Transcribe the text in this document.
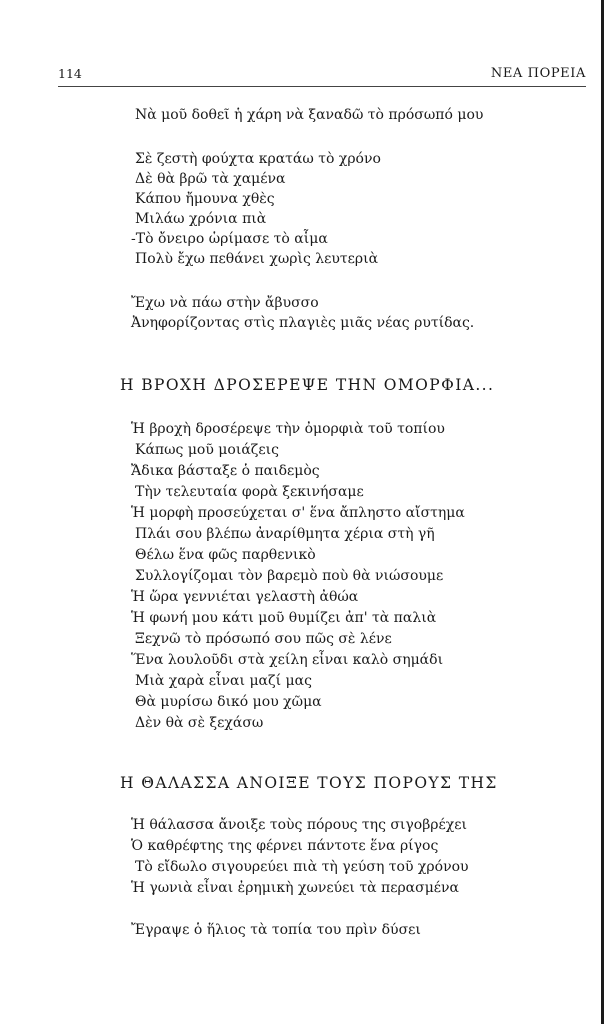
114	ΝΕΑ ΠΟΡΕΙΑ
Νὰ μοῦ δοθεῖ ἡ χάρη νὰ ξαναδῶ τὸ πρόσωπό μου
Σὲ ζεστὴ φούχτα κρατάω τὸ χρόνο
Δὲ θὰ βρῶ τὰ χαμένα
Κάπου ἤμουνα χθὲς
Μιλάω χρόνια πιὰ
-Τὸ ὄνειρο ὡρίμασε τὸ αἷμα
Πολὺ ἔχω πεθάνει χωρὶς λευτεριὰ
Ἔχω νὰ πάω στὴν ἄβυσσο
Ἀνηφορίζοντας στὶς πλαγιὲς μιᾶς νέας ρυτίδας.
Η ΒΡΟΧΗ ΔΡΟΣΕΡΕΨΕ ΤΗΝ ΟΜΟΡΦΙΑ...
Ἡ βροχὴ δροσέρεψε τὴν ὀμορφιὰ τοῦ τοπίου
Κάπως μοῦ μοιάζεις
Ἄδικα βάσταξε ὁ παιδεμὸς
Τὴν τελευταία φορὰ ξεκινήσαμε
Ἡ μορφὴ προσεύχεται σ' ἕνα ἄπληστο αἴστημα
Πλάι σου βλέπω ἀναρίθμητα χέρια στὴ γῆ
Θέλω ἕνα φῶς παρθενικὸ
Συλλογίζομαι τὸν βαρεμὸ ποὺ θὰ νιώσουμε
Ἡ ὥρα γεννιέται γελαστὴ ἀθώα
Ἡ φωνή μου κάτι μοῦ θυμίζει ἀπ' τὰ παλιὰ
Ξεχνῶ τὸ πρόσωπό σου πῶς σὲ λένε
Ἕνα λουλοῦδι στὰ χείλη εἶναι καλὸ σημάδι
Μιὰ χαρὰ εἶναι μαζί μας
Θὰ μυρίσω δικό μου χῶμα
Δὲν θὰ σὲ ξεχάσω
Η ΘΑΛΑΣΣΑ ΑΝΟΙΞΕ ΤΟΥΣ ΠΟΡΟΥΣ ΤΗΣ
Ἡ θάλασσα ἄνοιξε τοὺς πόρους της σιγοβρέχει
Ὁ καθρέφτης της φέρνει πάντοτε ἕνα ρίγος
Τὸ εἴδωλο σιγουρεύει πιὰ τὴ γεύση τοῦ χρόνου
Ἡ γωνιὰ εἶναι ἐρημικὴ χωνεύει τὰ περασμένα
Ἔγραψε ὁ ἥλιος τὰ τοπία του πρὶν δύσει
